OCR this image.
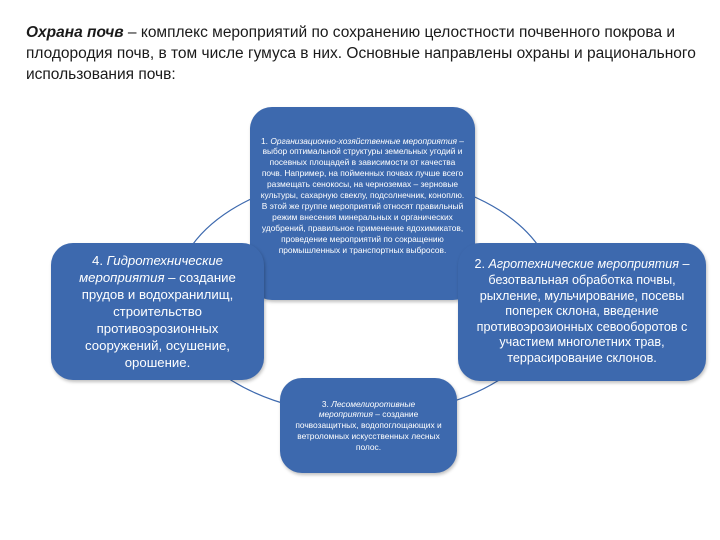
Охрана почв – комплекс мероприятий по сохранению целостности почвенного покрова и плодородия почв, в том числе гумуса в них. Основные направлены охраны и рационального использования почв:

1. Организационно-хозяйственные мероприятия – выбор оптимальной структуры земельных угодий и посевных площадей в зависимости от качества почв. Например, на пойменных почвах лучше всего размещать сенокосы, на черноземах – зерновые культуры, сахарную свеклу, подсолнечник, коноплю. В этой же группе мероприятий относят правильный режим внесения минеральных и органических удобрений, правильное применение ядохимикатов, проведение мероприятий по сокращению промышленных и транспортных выбросов.
2. Агротехнические мероприятия – безотвальная обработка почвы, рыхление, мульчирование, посевы поперек склона, введение противоэрозионных севооборотов с участием многолетних трав, террасирование склонов.
3. Лесомелиоротивные мероприятия – создание почвозащитных, водопоглощающих и ветроломных искусственных лесных полос.
4. Гидротехнические мероприятия – создание прудов и водохранилищ, строительство противоэрозионных сооружений, осушение, орошение.
